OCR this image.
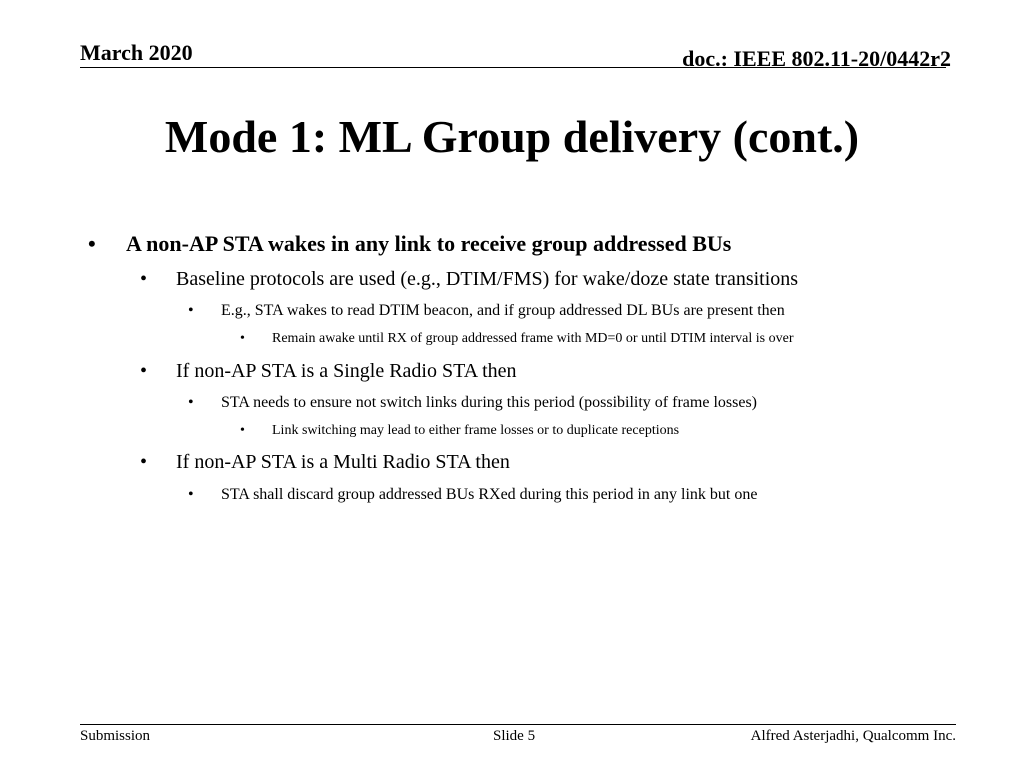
March 2020	doc.: IEEE 802.11-20/0442r2
Mode 1: ML Group delivery (cont.)
• A non-AP STA wakes in any link to receive group addressed BUs
• Baseline protocols are used (e.g., DTIM/FMS) for wake/doze state transitions
• E.g., STA wakes to read DTIM beacon, and if group addressed DL BUs are present then
• Remain awake until RX of group addressed frame with MD=0 or until DTIM interval is over
• If non-AP STA is a Single Radio STA then
• STA needs to ensure not switch links during this period (possibility of frame losses)
• Link switching may lead to either frame losses or to duplicate receptions
• If non-AP STA is a Multi Radio STA then
• STA shall discard group addressed BUs RXed during this period in any link but one
Submission	Slide 5	Alfred Asterjadhi, Qualcomm Inc.
